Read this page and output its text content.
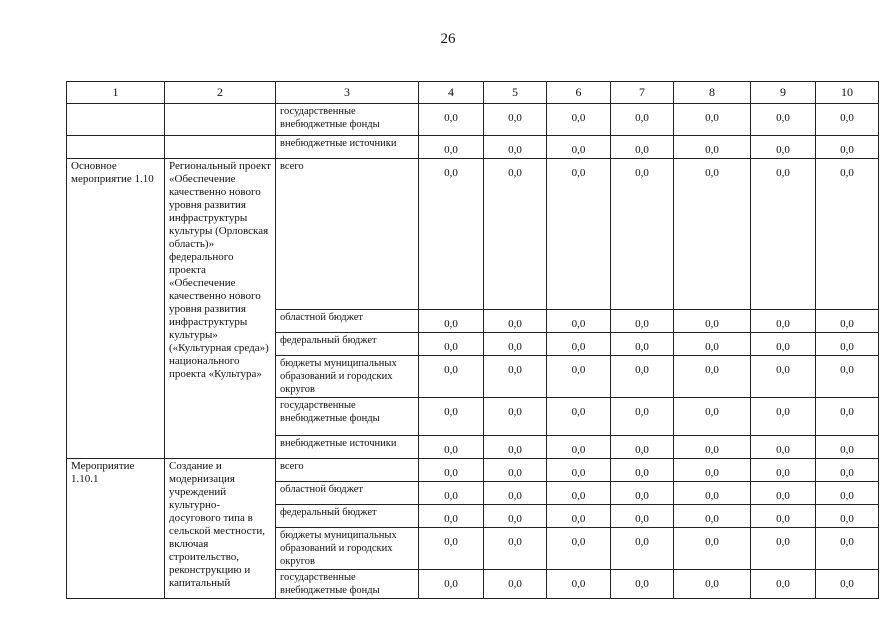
26
1	2	3	4	5	6	7	8	9	10
		государственные внебюджетные фонды	0,0	0,0	0,0	0,0	0,0	0,0	0,0
		внебюджетные источники	0,0	0,0	0,0	0,0	0,0	0,0	0,0
Основное мероприятие 1.10	Региональный проект «Обеспечение качественно нового уровня развития инфраструктуры культуры (Орловская область)» федерального проекта «Обеспечение качественно нового уровня развития инфраструктуры культуры» («Культурная среда») национального проекта «Культура»	всего	0,0	0,0	0,0	0,0	0,0	0,0	0,0
		областной бюджет	0,0	0,0	0,0	0,0	0,0	0,0	0,0
		федеральный бюджет	0,0	0,0	0,0	0,0	0,0	0,0	0,0
		бюджеты муниципальных образований и городских округов	0,0	0,0	0,0	0,0	0,0	0,0	0,0
		государственные внебюджетные фонды	0,0	0,0	0,0	0,0	0,0	0,0	0,0
		внебюджетные источники	0,0	0,0	0,0	0,0	0,0	0,0	0,0
Мероприятие 1.10.1	Создание и модернизация учреждений культурно-досугового типа в сельской местности, включая строительство, реконструкцию и капитальный	всего	0,0	0,0	0,0	0,0	0,0	0,0	0,0
		областной бюджет	0,0	0,0	0,0	0,0	0,0	0,0	0,0
		федеральный бюджет	0,0	0,0	0,0	0,0	0,0	0,0	0,0
		бюджеты муниципальных образований и городских округов	0,0	0,0	0,0	0,0	0,0	0,0	0,0
		государственные внебюджетные фонды	0,0	0,0	0,0	0,0	0,0	0,0	0,0
